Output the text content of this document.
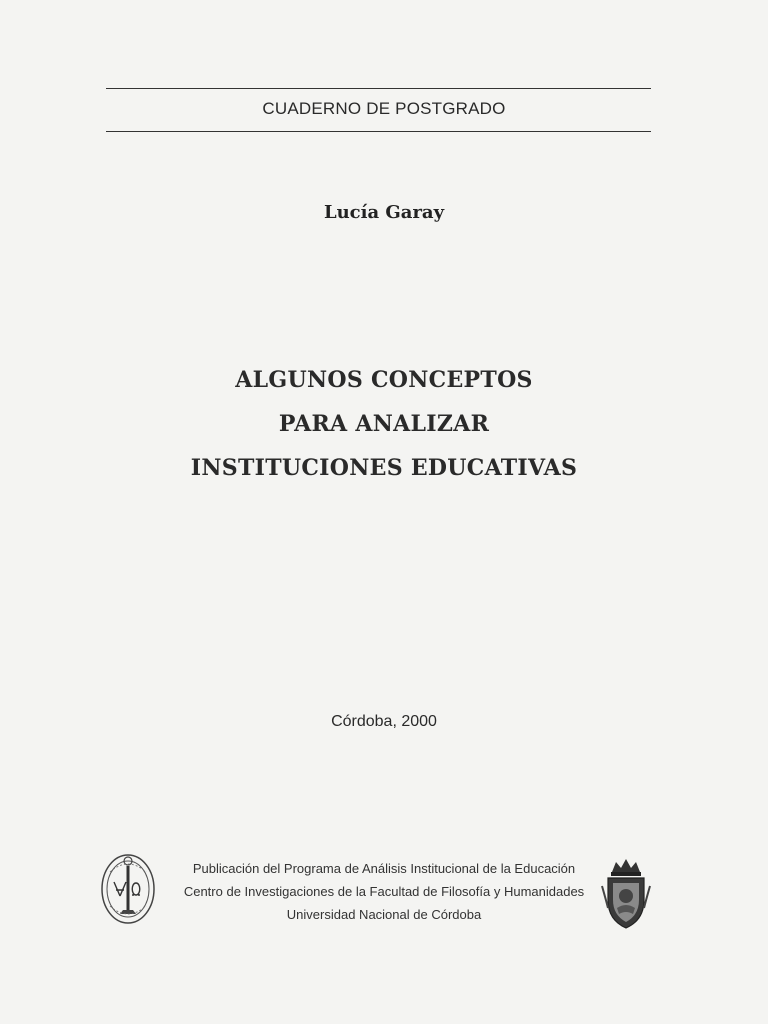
CUADERNO DE POSTGRADO
Lucía Garay
ALGUNOS CONCEPTOS
PARA ANALIZAR
INSTITUCIONES EDUCATIVAS
Córdoba, 2000
Publicación del Programa de Análisis Institucional de la Educación
Centro de Investigaciones de la Facultad de Filosofía y Humanidades
Universidad Nacional de Córdoba
